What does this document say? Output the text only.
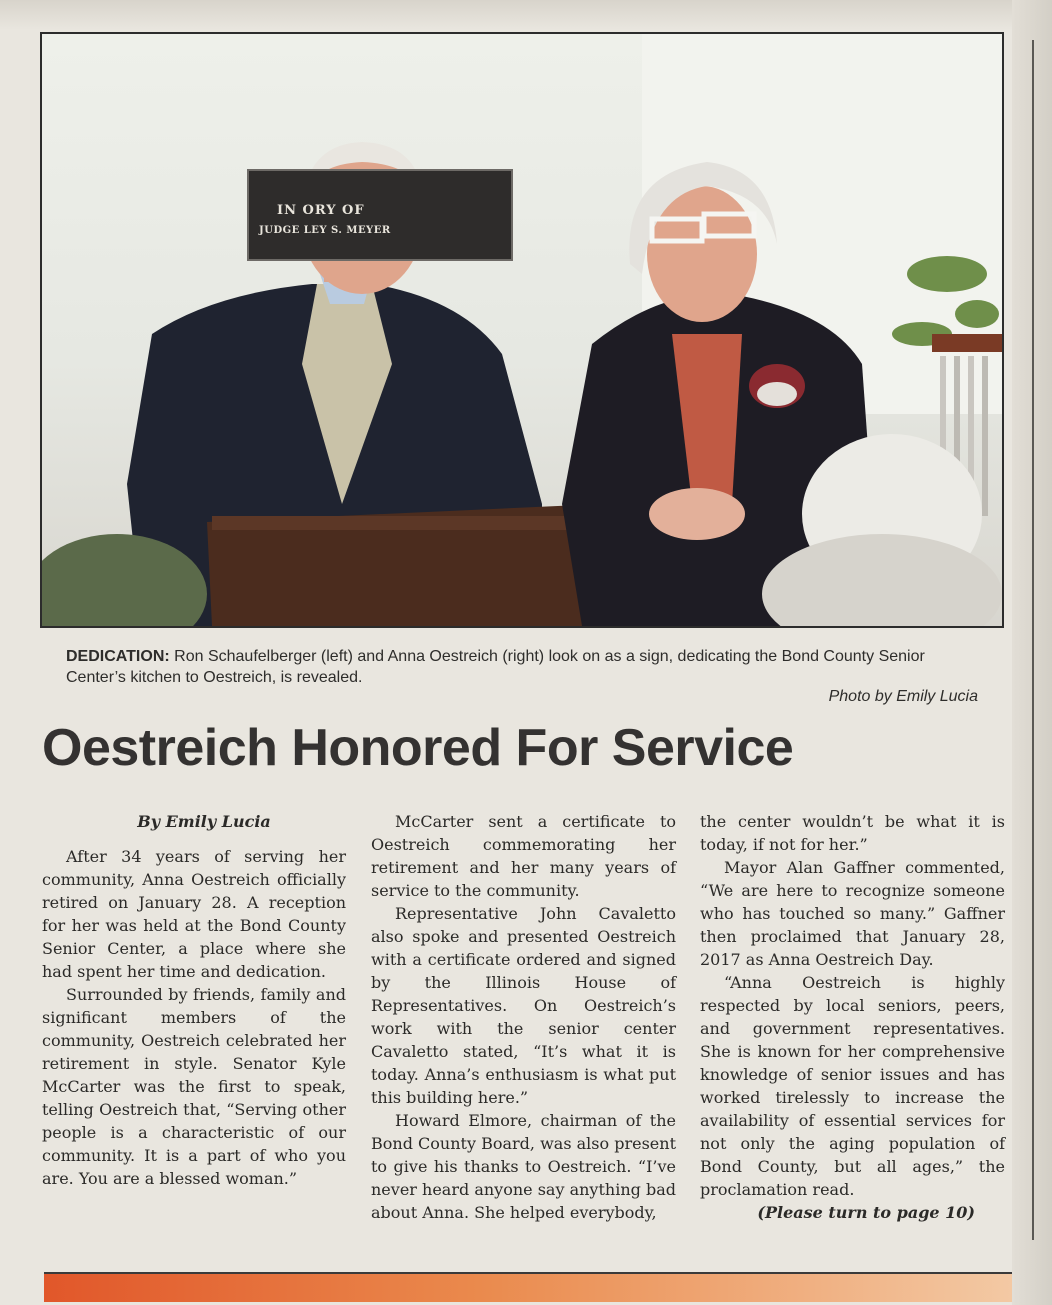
IN ORY OF
JUDGE LEY S. MEYER
DEDICATION: Ron Schaufelberger (left) and Anna Oestreich (right) look on as a sign, dedicating the Bond County Senior Center’s kitchen to Oestreich, is revealed.
Photo by Emily Lucia
Oestreich Honored For Service

By Emily Lucia

After 34 years of serving her community, Anna Oestreich officially retired on January 28. A reception for her was held at the Bond County Senior Center, a place where she had spent her time and dedication.

Surrounded by friends, family and significant members of the community, Oestreich celebrated her retirement in style. Senator Kyle McCarter was the first to speak, telling Oestreich that, “Serving other people is a characteristic of our community. It is a part of who you are. You are a blessed woman.”

McCarter sent a certificate to Oestreich commemorating her retirement and her many years of service to the community.

Representative John Cavaletto also spoke and presented Oestreich with a certificate ordered and signed by the Illinois House of Representatives. On Oestreich’s work with the senior center Cavaletto stated, “It’s what it is today. Anna’s enthusiasm is what put this building here.”

Howard Elmore, chairman of the Bond County Board, was also present to give his thanks to Oestreich. “I’ve never heard anyone say anything bad about Anna. She helped everybody,

the center wouldn’t be what it is today, if not for her.”

Mayor Alan Gaffner commented, “We are here to recognize someone who has touched so many.” Gaffner then proclaimed that January 28, 2017 as Anna Oestreich Day.

“Anna Oestreich is highly respected by local seniors, peers, and government representatives. She is known for her comprehensive knowledge of senior issues and has worked tirelessly to increase the availability of essential services for not only the aging population of Bond County, but all ages,” the proclamation read.

(Please turn to page 10)
